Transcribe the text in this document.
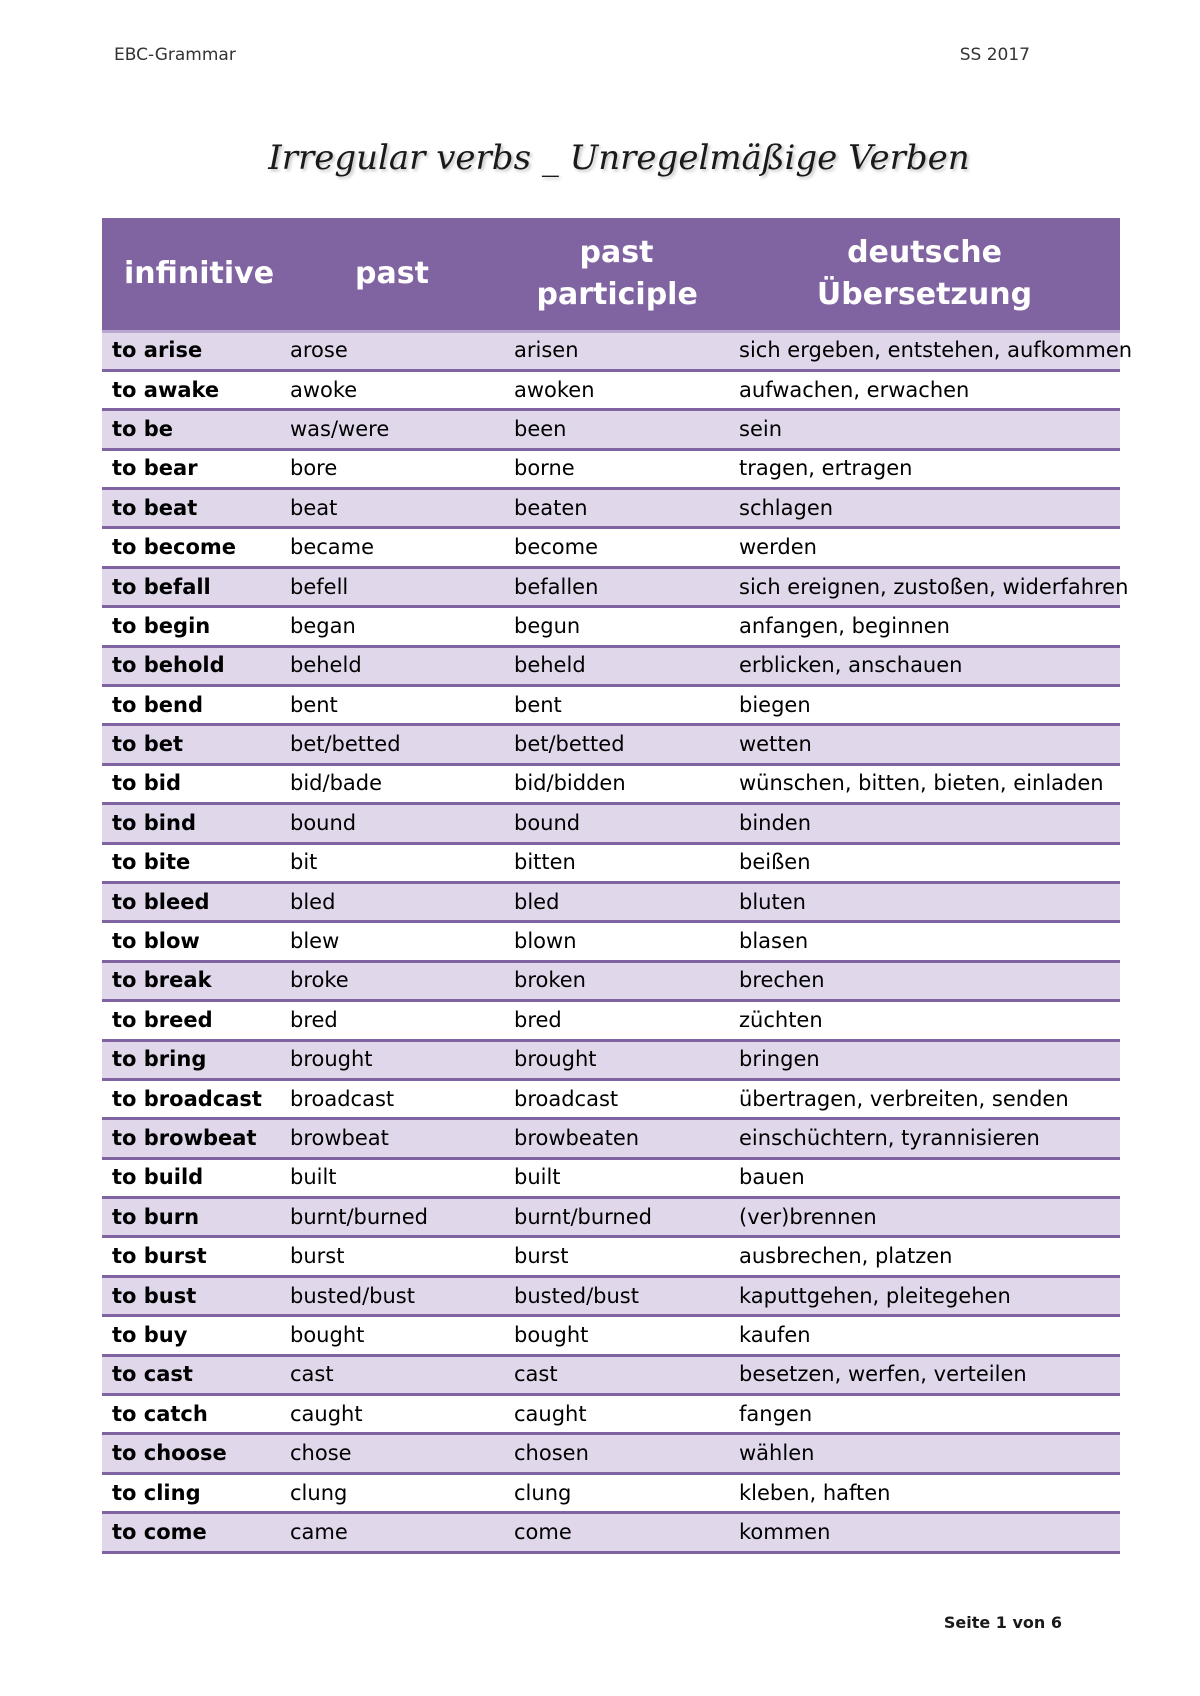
EBC-Grammar	SS 2017
Irregular verbs _ Unregelmäßige Verben
infinitive	past	past participle	deutsche Übersetzung
to arise	arose	arisen	sich ergeben, entstehen, aufkommen
to awake	awoke	awoken	aufwachen, erwachen
to be	was/were	been	sein
to bear	bore	borne	tragen, ertragen
to beat	beat	beaten	schlagen
to become	became	become	werden
to befall	befell	befallen	sich ereignen, zustoßen, widerfahren
to begin	began	begun	anfangen, beginnen
to behold	beheld	beheld	erblicken, anschauen
to bend	bent	bent	biegen
to bet	bet/betted	bet/betted	wetten
to bid	bid/bade	bid/bidden	wünschen, bitten, bieten, einladen
to bind	bound	bound	binden
to bite	bit	bitten	beißen
to bleed	bled	bled	bluten
to blow	blew	blown	blasen
to break	broke	broken	brechen
to breed	bred	bred	züchten
to bring	brought	brought	bringen
to broadcast	broadcast	broadcast	übertragen, verbreiten, senden
to browbeat	browbeat	browbeaten	einschüchtern, tyrannisieren
to build	built	built	bauen
to burn	burnt/burned	burnt/burned	(ver)brennen
to burst	burst	burst	ausbrechen, platzen
to bust	busted/bust	busted/bust	kaputtgehen, pleitegehen
to buy	bought	bought	kaufen
to cast	cast	cast	besetzen, werfen, verteilen
to catch	caught	caught	fangen
to choose	chose	chosen	wählen
to cling	clung	clung	kleben, haften
to come	came	come	kommen
Seite 1 von 6
